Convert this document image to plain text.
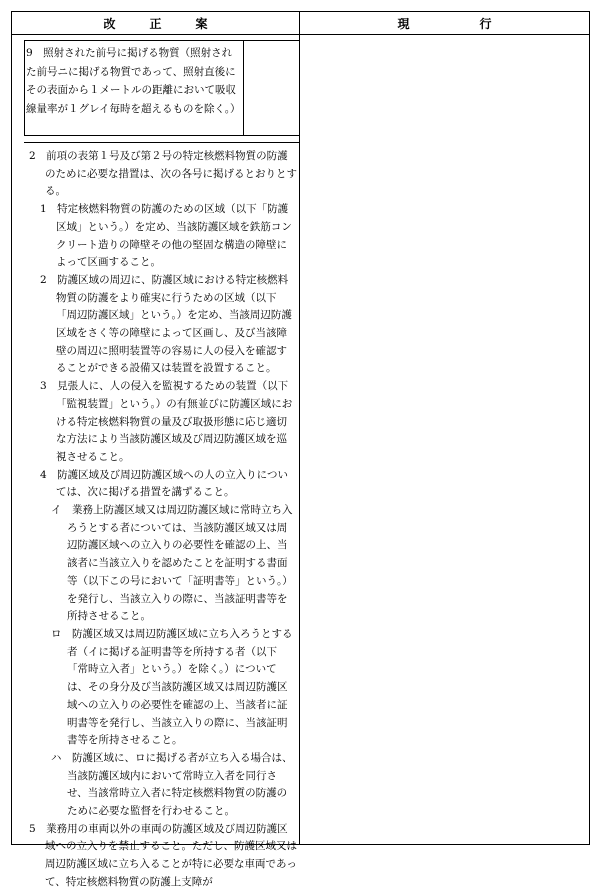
改正案	現行
9　照射された前号に掲げる物質（照射された前号ニに掲げる物質であって、照射直後にその表面から１メートルの距離において吸収線量率が１グレイ毎時を超えるものを除く。）

2　前項の表第１号及び第２号の特定核燃料物質の防護のために必要な措置は、次の各号に掲げるとおりとする。

1　特定核燃料物質の防護のための区域（以下「防護区域」という。）を定め、当該防護区域を鉄筋コンクリート造りの障壁その他の堅固な構造の障壁によって区画すること。

2　防護区域の周辺に、防護区域における特定核燃料物質の防護をより確実に行うための区域（以下「周辺防護区域」という。）を定め、当該周辺防護区域をさく等の障壁によって区画し、及び当該障壁の周辺に照明装置等の容易に人の侵入を確認することができる設備又は装置を設置すること。

3　見張人に、人の侵入を監視するための装置（以下「監視装置」という。）の有無並びに防護区域における特定核燃料物質の量及び取扱形態に応じ適切な方法により当該防護区域及び周辺防護区域を巡視させること。

4　防護区域及び周辺防護区域への人の立入りについては、次に掲げる措置を講ずること。

イ　業務上防護区域又は周辺防護区域に常時立ち入ろうとする者については、当該防護区域又は周辺防護区域への立入りの必要性を確認の上、当該者に当該立入りを認めたことを証明する書面等（以下この号において「証明書等」という。）を発行し、当該立入りの際に、当該証明書等を所持させること。

ロ　防護区域又は周辺防護区域に立ち入ろうとする者（イに掲げる証明書等を所持する者（以下「常時立入者」という。）を除く。）については、その身分及び当該防護区域又は周辺防護区域への立入りの必要性を確認の上、当該者に証明書等を発行し、当該立入りの際に、当該証明書等を所持させること。

ハ　防護区域に、ロに掲げる者が立ち入る場合は、当該防護区域内において常時立入者を同行させ、当該常時立入者に特定核燃料物質の防護のために必要な監督を行わせること。

5　業務用の車両以外の車両の防護区域及び周辺防護区域への立入りを禁止すること。ただし、防護区域又は周辺防護区域に立ち入ることが特に必要な車両であって、特定核燃料物質の防護上支障が
